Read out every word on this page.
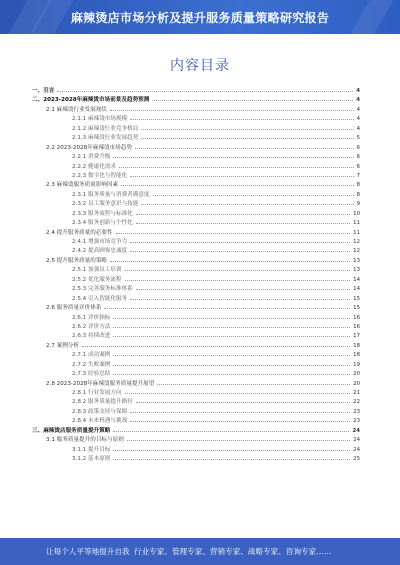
麻辣烫店市场分析及提升服务质量策略研究报告
内容目录
一、引言	4
二、2023-2028年麻辣烫市场前景及趋势预测	4
2.1 麻辣烫行业发展现状	4
2.1.1 麻辣烫市场规模	4
2.1.2 麻辣烫行业竞争格局	4
2.1.3 麻辣烫行业发展趋势	5
2.2 2023-2028年麻辣烫市场趋势	6
2.2.1 消费升级	6
2.2.2 健康化需求	6
2.2.3 数字化与智能化	7
2.3 麻辣烫服务质量影响因素	8
2.3.1 服务质量与消费者满意度	8
2.3.2 员工服务意识与技能	9
2.3.3 服务流程与标准化	10
2.3.4 服务创新与个性化	11
2.4 提升服务质量的必要性	11
2.4.1 增强市场竞争力	12
2.4.2 提高顾客忠诚度	12
2.5 提升服务质量的策略	13
2.5.1 加强员工培训	13
2.5.2 优化服务流程	14
2.5.3 完善服务标准体系	14
2.5.4 引入智能化服务	15
2.6 服务质量评价体系	15
2.6.1 评价指标	16
2.6.2 评价方法	16
2.6.3 持续改进	17
2.7 案例分析	18
2.7.1 成功案例	18
2.7.2 失败案例	19
2.7.3 经验总结	20
2.8 2023-2028年麻辣烫服务质量提升展望	20
2.8.1 行业发展方向	21
2.8.2 服务质量提升路径	22
2.8.3 政策支持与保障	23
2.8.4 未来机遇与挑战	23
三、麻辣烫店服务质量提升策略	24
3.1 服务质量提升的目标与原则	24
3.1.1 提升目标	24
3.1.2 基本原则	25
让每个人平等地提升自我 行业专家、管理专家、营销专家、战略专家、咨询专家……
